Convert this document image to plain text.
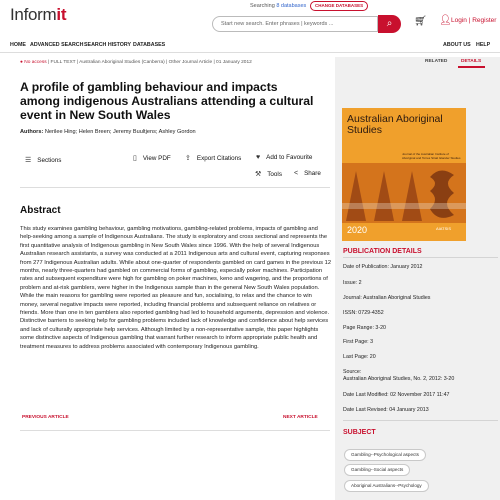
Informit	Searching 8 databases	CHANGE DATABASES
Start new search. Enter phrases | keywords ...	⌕	🛒︎ 👤︎ Login | Register
HOME ADVANCED SEARCH SEARCH HISTORY DATABASES	ABOUT US HELP
● No access | FULL TEXT | Australian Aboriginal Studies (Canberra) | Other Journal Article | 01 January 2012
A profile of gambling behaviour and impacts among indigenous Australians attending a cultural event in New South Wales
Authors: Nerilee Hing; Helen Breen; Jeremy Buultjens; Ashley Gordon
☰ Sections	▯ View PDF ⇪ Export Citations ♥ Add to Favourite
⚒ Tools < Share
Abstract
This study examines gambling behaviour, gambling motivations, gambling-related problems, impacts of gambling and help-seeking among a sample of Indigenous Australians. The study is exploratory and cross sectional and represents the first quantitative analysis of Indigenous gambling in New South Wales since 1996. With the help of several Indigenous Australian research assistants, a survey was conducted at a 2011 Indigenous arts and cultural event, capturing responses from 277 Indigenous Australian adults. While about one-quarter of respondents gambled on card games in the previous 12 months, nearly three-quarters had gambled on commercial forms of gambling, especially poker machines. Participation rates and subsequent expenditure were high for gambling on poker machines, keno and wagering, and the proportions of problem and at-risk gamblers, were higher in the Indigenous sample than in the general New South Wales population. While the main reasons for gambling were reported as pleasure and fun, socialising, to relax and the chance to win money, several negative impacts were reported, including financial problems and subsequent reliance on relatives or friends. More than one in ten gamblers also reported gambling had led to household arguments, depression and violence. Distinctive barriers to seeking help for gambling problems included lack of knowledge and confidence about help services and lack of culturally appropriate help services. Although limited by a non-representative sample, this paper highlights some distinctive aspects of Indigenous gambling that warrant further research to inform appropriate public health and treatment measures to address problems associated with contemporary Indigenous gambling.
PREVIOUS ARTICLE	NEXT ARTICLE
RELATED	DETAILS
Australian Aboriginal Studies
Journal of the Australian Institute of Aboriginal and Torres Strait Islander Studies
2020	AIATSIS
PUBLICATION DETAILS
Date of Publication: January 2012
Issue: 2
Journal: Australian Aboriginal Studies
ISSN: 0729-4352
Page Range: 3-20
First Page: 3
Last Page: 20
Source:
Australian Aboriginal Studies, No. 2, 2012: 3-20
Date Last Modified: 02 November 2017 11:47
Date Last Revised: 04 January 2013
SUBJECT
Gambling--Psychological aspects
Gambling--Social aspects
Aboriginal Australians--Psychology
